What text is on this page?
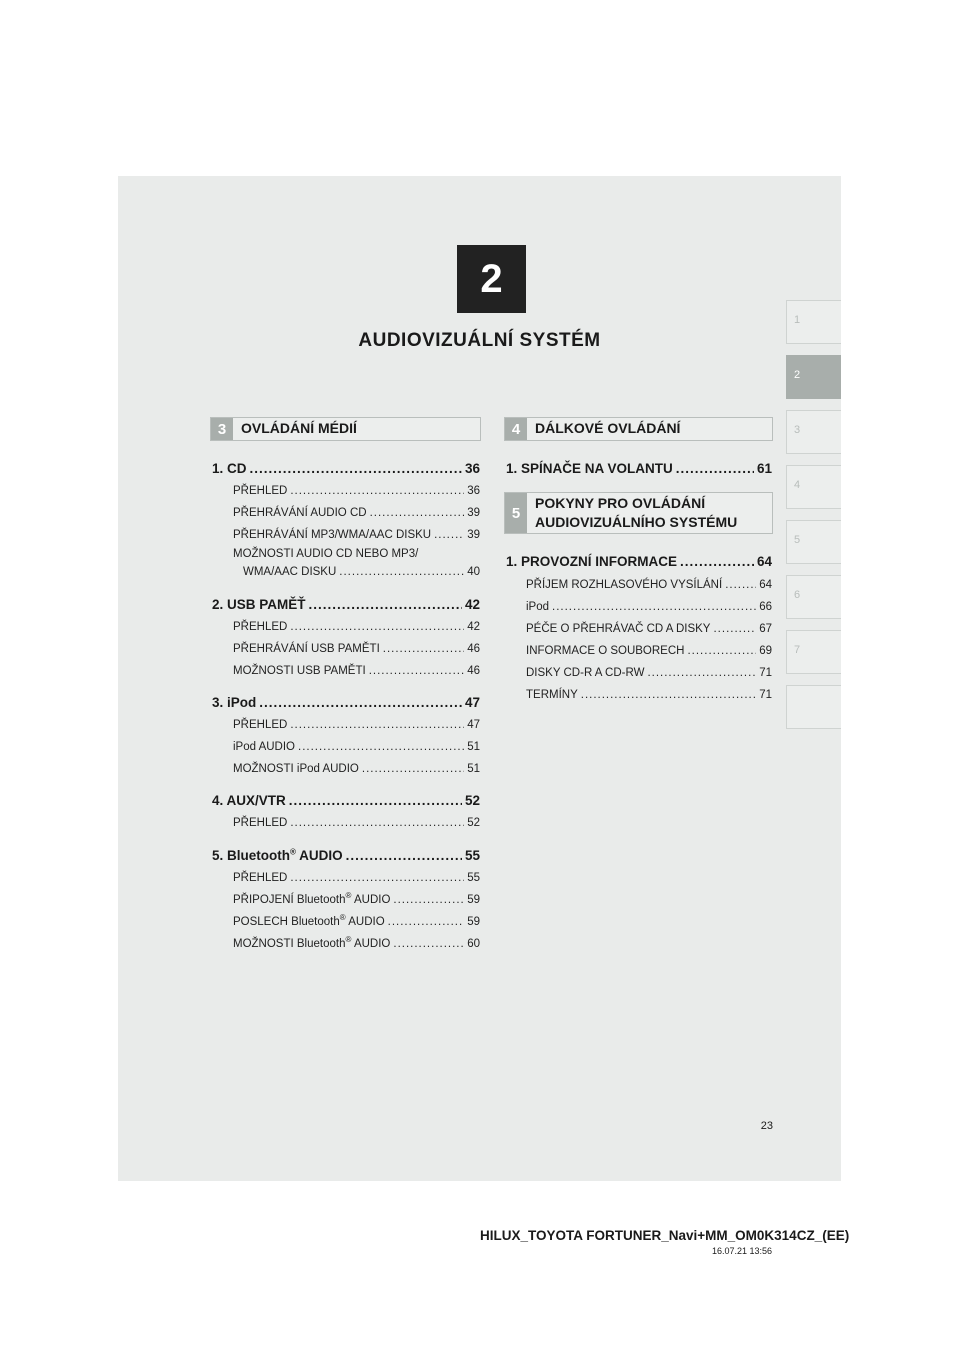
2
AUDIOVIZUÁLNÍ SYSTÉM
1
2
3
4
5
6
7
3	OVLÁDÁNÍ MÉDIÍ
1. CD .....	36
PŘEHLED .....	36
PŘEHRÁVÁNÍ AUDIO CD .....	39
PŘEHRÁVÁNÍ MP3/WMA/AAC DISKU .....	39
MOŽNOSTI AUDIO CD NEBO MP3/
WMA/AAC DISKU .....	40
2. USB PAMĚŤ .....	42
PŘEHLED .....	42
PŘEHRÁVÁNÍ USB PAMĚTI .....	46
MOŽNOSTI USB PAMĚTI .....	46
3. iPod .....	47
PŘEHLED .....	47
iPod AUDIO .....	51
MOŽNOSTI iPod AUDIO .....	51
4. AUX/VTR .....	52
PŘEHLED .....	52
5. Bluetooth® AUDIO .....	55
PŘEHLED .....	55
PŘIPOJENÍ Bluetooth® AUDIO .....	59
POSLECH Bluetooth® AUDIO .....	59
MOŽNOSTI Bluetooth® AUDIO .....	60
4	DÁLKOVÉ OVLÁDÁNÍ
1. SPÍNAČE NA VOLANTU .....	61
5
POKYNY PRO OVLÁDÁNÍ AUDIOVIZUÁLNÍHO SYSTÉMU
1. PROVOZNÍ INFORMACE .....	64
PŘÍJEM ROZHLASOVÉHO VYSÍLÁNÍ .....	64
iPod .....	66
PÉČE O PŘEHRÁVAČ CD A DISKY .....	67
INFORMACE O SOUBORECH .....	69
DISKY CD-R A CD-RW .....	71
TERMÍNY .....	71
23
HILUX_TOYOTA FORTUNER_Navi+MM_OM0K314CZ_(EE)
16.07.21 13:56
